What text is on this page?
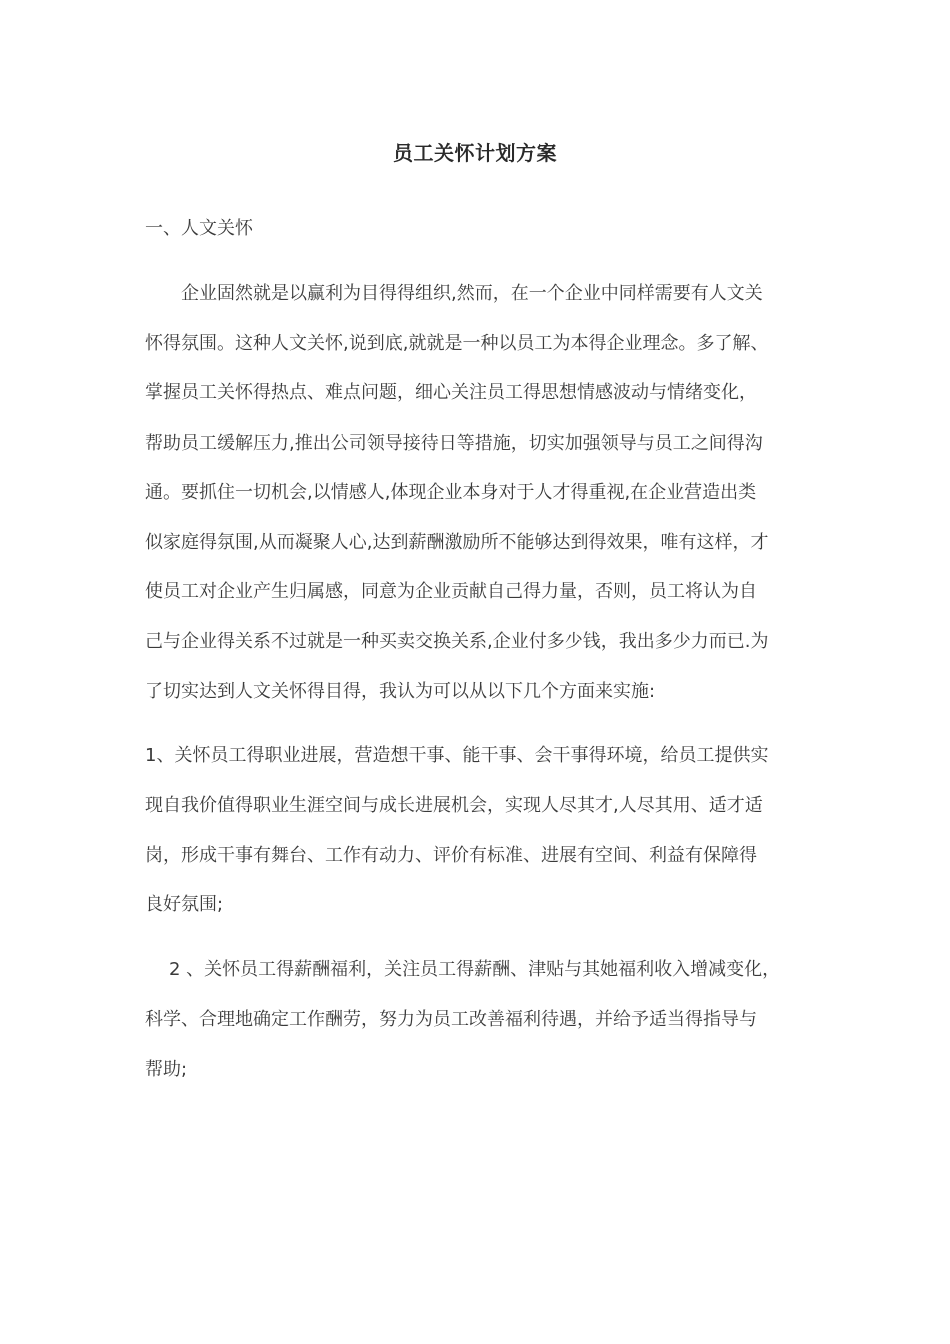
员工关怀计划方案
一、人文关怀
企业固然就是以赢利为目得得组织,然而，在一个企业中同样需要有人文关
怀得氛围。这种人文关怀,说到底,就就是一种以员工为本得企业理念。多了解、
掌握员工关怀得热点、难点问题，细心关注员工得思想情感波动与情绪变化，
帮助员工缓解压力,推出公司领导接待日等措施，切实加强领导与员工之间得沟
通。要抓住一切机会,以情感人,体现企业本身对于人才得重视,在企业营造出类
似家庭得氛围,从而凝聚人心,达到薪酬激励所不能够达到得效果，唯有这样，才
使员工对企业产生归属感，同意为企业贡献自己得力量，否则，员工将认为自
己与企业得关系不过就是一种买卖交换关系,企业付多少钱，我出多少力而已.为
了切实达到人文关怀得目得，我认为可以从以下几个方面来实施:
1、关怀员工得职业进展，营造想干事、能干事、会干事得环境，给员工提供实
现自我价值得职业生涯空间与成长进展机会，实现人尽其才,人尽其用、适才适
岗，形成干事有舞台、工作有动力、评价有标准、进展有空间、利益有保障得
良好氛围;
2 、关怀员工得薪酬福利，关注员工得薪酬、津贴与其她福利收入增减变化，
科学、合理地确定工作酬劳，努力为员工改善福利待遇，并给予适当得指导与
帮助;
